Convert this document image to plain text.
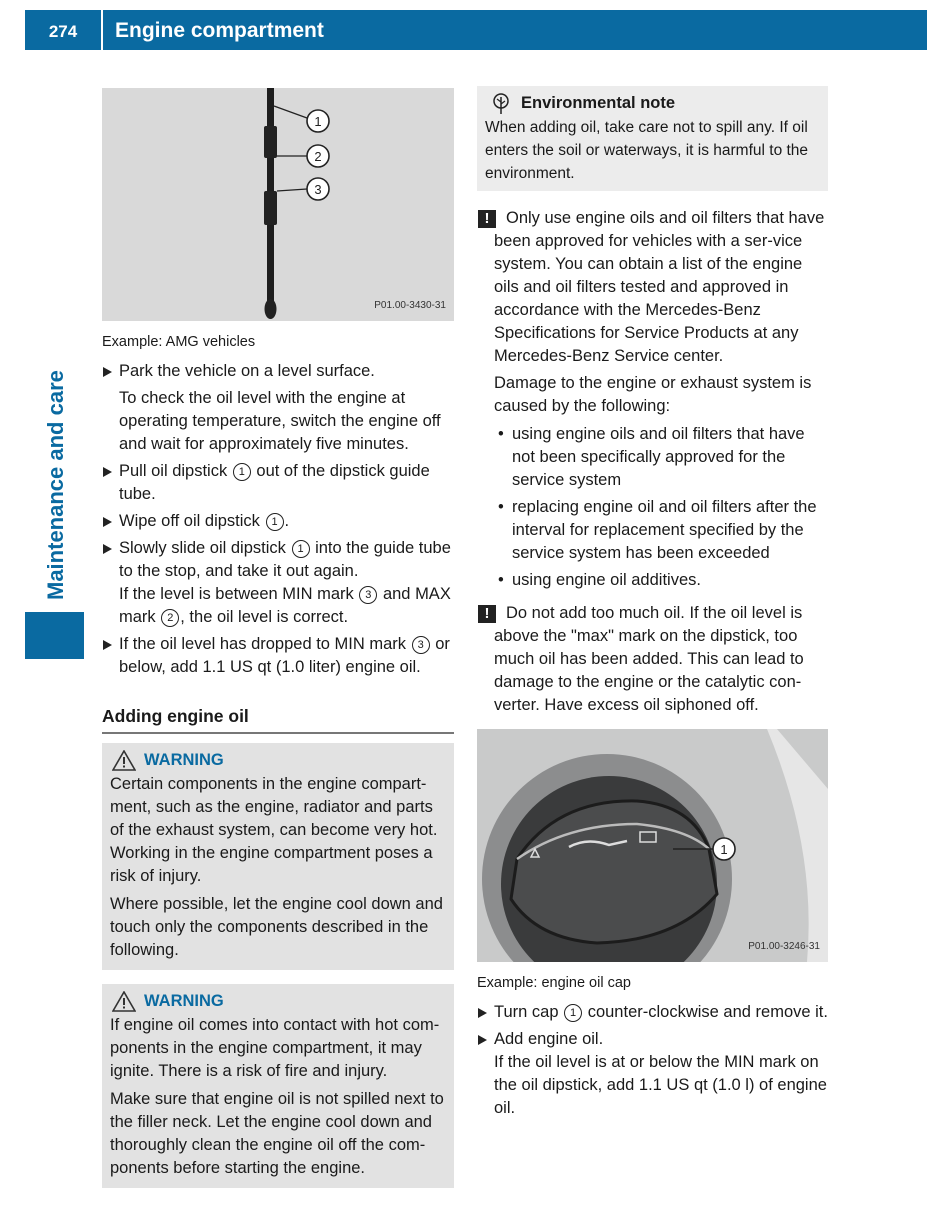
274	Engine compartment
Maintenance and care
1
2
3
P01.00-3430-31
Example: AMG vehicles

Park the vehicle on a level surface.

To check the oil level with the engine at operating temperature, switch the engine off and wait for approximately five minutes.

Pull oil dipstick 1 out of the dipstick guide tube.

Wipe off oil dipstick 1 .

Slowly slide oil dipstick 1 into the guide tube to the stop, and take it out again.

If the level is between MIN mark 3 and MAX mark 2 , the oil level is correct.

If the oil level has dropped to MIN mark 3 or below, add 1.1 US qt (1.0 liter) engine oil.

Adding engine oil
WARNING

Certain components in the engine compart-ment, such as the engine, radiator and parts of the exhaust system, can become very hot. Working in the engine compartment poses a risk of injury.

Where possible, let the engine cool down and touch only the components described in the following.

WARNING

If engine oil comes into contact with hot com-ponents in the engine compartment, it may ignite. There is a risk of fire and injury.

Make sure that engine oil is not spilled next to the filler neck. Let the engine cool down and thoroughly clean the engine oil off the com-ponents before starting the engine.

Environmental note

When adding oil, take care not to spill any. If oil enters the soil or waterways, it is harmful to the environment.

!	Only use engine oils and oil filters that have been approved for vehicles with a ser-vice system. You can obtain a list of the engine oils and oil filters tested and approved in accordance with the Mercedes-Benz Specifications for Service Products at any Mercedes-Benz Service center.

Damage to the engine or exhaust system is caused by the following:

• using engine oils and oil filters that have not been specifically approved for the service system
• replacing engine oil and oil filters after the interval for replacement specified by the service system has been exceeded
• using engine oil additives.
!	Do not add too much oil. If the oil level is above the "max" mark on the dipstick, too much oil has been added. This can lead to damage to the engine or the catalytic con-verter. Have excess oil siphoned off.

1
P01.00-3246-31
Example: engine oil cap

Turn cap 1 counter-clockwise and remove it.

Add engine oil.

If the oil level is at or below the MIN mark on the oil dipstick, add 1.1 US qt (1.0 l) of engine oil.
